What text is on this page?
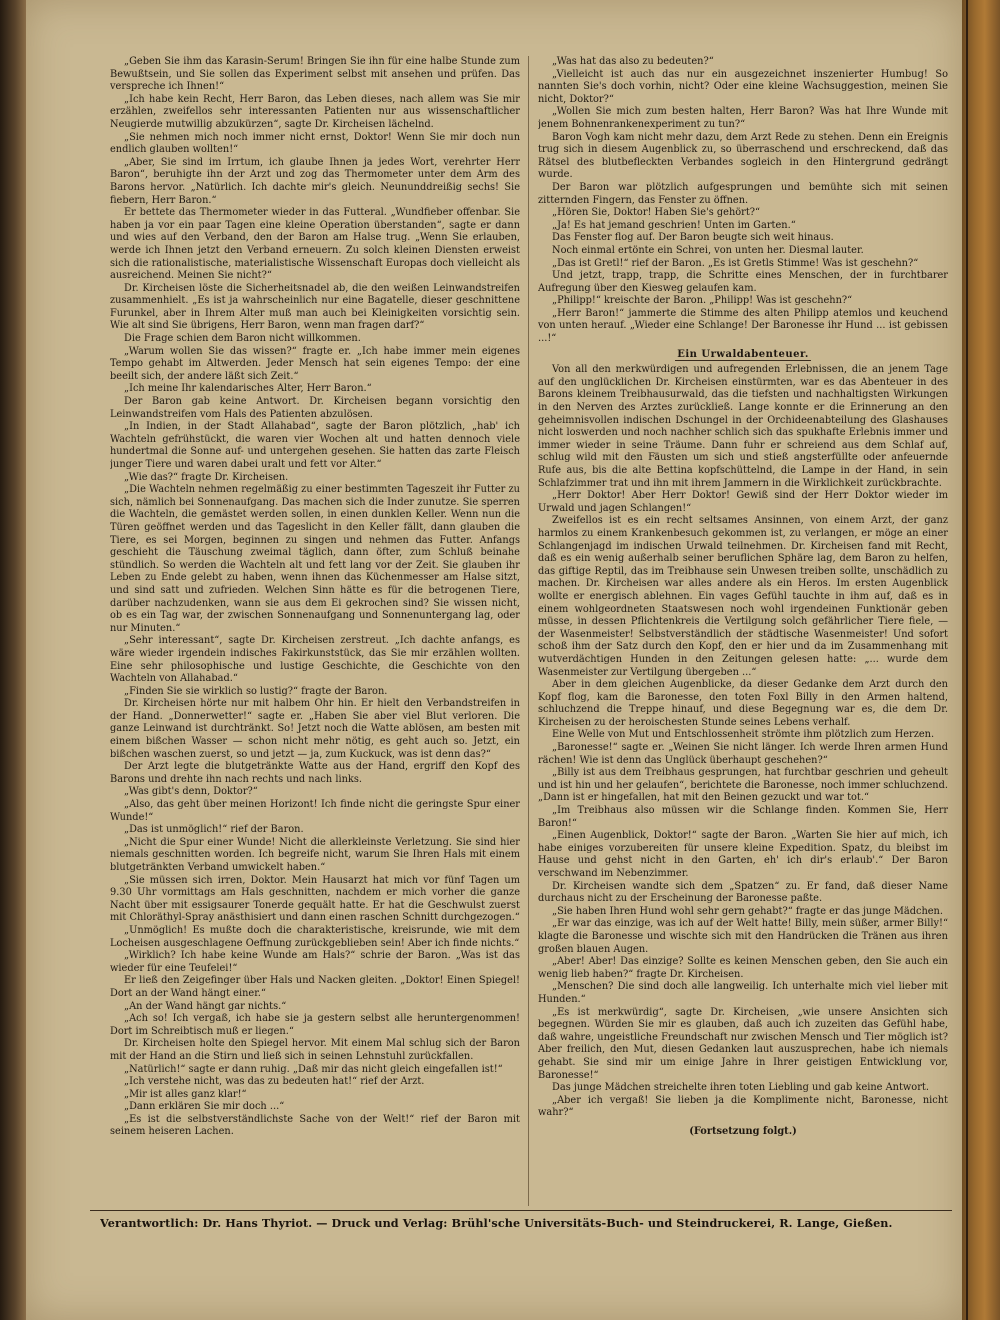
„Geben Sie ihm das Karasin-Serum! Bringen Sie ihn für eine halbe Stunde zum Bewußtsein, und Sie sollen das Experiment selbst mit ansehen und prüfen. Das verspreche ich Ihnen!“

„Ich habe kein Recht, Herr Baron, das Leben dieses, nach allem was Sie mir erzählen, zweifellos sehr interessanten Patienten nur aus wissenschaftlicher Neugierde mutwillig abzukürzen“, sagte Dr. Kircheisen lächelnd.

„Sie nehmen mich noch immer nicht ernst, Doktor! Wenn Sie mir doch nun endlich glauben wollten!“

„Aber, Sie sind im Irrtum, ich glaube Ihnen ja jedes Wort, verehrter Herr Baron“, beruhigte ihn der Arzt und zog das Thermometer unter dem Arm des Barons hervor. „Natürlich. Ich dachte mir's gleich. Neununddreißig sechs! Sie fiebern, Herr Baron.“

Er bettete das Thermometer wieder in das Futteral. „Wundfieber offenbar. Sie haben ja vor ein paar Tagen eine kleine Operation überstanden“, sagte er dann und wies auf den Verband, den der Baron am Halse trug. „Wenn Sie erlauben, werde ich Ihnen jetzt den Verband erneuern. Zu solch kleinen Diensten erweist sich die rationalistische, materialistische Wissenschaft Europas doch vielleicht als ausreichend. Meinen Sie nicht?“

Dr. Kircheisen löste die Sicherheitsnadel ab, die den weißen Leinwandstreifen zusammenhielt. „Es ist ja wahrscheinlich nur eine Bagatelle, dieser geschnittene Furunkel, aber in Ihrem Alter muß man auch bei Kleinigkeiten vorsichtig sein. Wie alt sind Sie übrigens, Herr Baron, wenn man fragen darf?“

Die Frage schien dem Baron nicht willkommen.

„Warum wollen Sie das wissen?“ fragte er. „Ich habe immer mein eigenes Tempo gehabt im Altwerden. Jeder Mensch hat sein eigenes Tempo: der eine beeilt sich, der andere läßt sich Zeit.“

„Ich meine Ihr kalendarisches Alter, Herr Baron.“

Der Baron gab keine Antwort. Dr. Kircheisen begann vorsichtig den Leinwandstreifen vom Hals des Patienten abzulösen.

„In Indien, in der Stadt Allahabad“, sagte der Baron plötzlich, „hab' ich Wachteln gefrühstückt, die waren vier Wochen alt und hatten dennoch viele hundertmal die Sonne auf- und untergehen gesehen. Sie hatten das zarte Fleisch junger Tiere und waren dabei uralt und fett vor Alter.“

„Wie das?“ fragte Dr. Kircheisen.

„Die Wachteln nehmen regelmäßig zu einer bestimmten Tageszeit ihr Futter zu sich, nämlich bei Sonnenaufgang. Das machen sich die Inder zunutze. Sie sperren die Wachteln, die gemästet werden sollen, in einen dunklen Keller. Wenn nun die Türen geöffnet werden und das Tageslicht in den Keller fällt, dann glauben die Tiere, es sei Morgen, beginnen zu singen und nehmen das Futter. Anfangs geschieht die Täuschung zweimal täglich, dann öfter, zum Schluß beinahe stündlich. So werden die Wachteln alt und fett lang vor der Zeit. Sie glauben ihr Leben zu Ende gelebt zu haben, wenn ihnen das Küchenmesser am Halse sitzt, und sind satt und zufrieden. Welchen Sinn hätte es für die betrogenen Tiere, darüber nachzudenken, wann sie aus dem Ei gekrochen sind? Sie wissen nicht, ob es ein Tag war, der zwischen Sonnenaufgang und Sonnenuntergang lag, oder nur Minuten.“

„Sehr interessant“, sagte Dr. Kircheisen zerstreut. „Ich dachte anfangs, es wäre wieder irgendein indisches Fakirkunststück, das Sie mir erzählen wollten. Eine sehr philosophische und lustige Geschichte, die Geschichte von den Wachteln von Allahabad.“

„Finden Sie sie wirklich so lustig?“ fragte der Baron.

Dr. Kircheisen hörte nur mit halbem Ohr hin. Er hielt den Verbandstreifen in der Hand. „Donnerwetter!“ sagte er. „Haben Sie aber viel Blut verloren. Die ganze Leinwand ist durchtränkt. So! Jetzt noch die Watte ablösen, am besten mit einem bißchen Wasser — schon nicht mehr nötig, es geht auch so. Jetzt, ein bißchen waschen zuerst, so und jetzt — ja, zum Kuckuck, was ist denn das?“

Der Arzt legte die blutgetränkte Watte aus der Hand, ergriff den Kopf des Barons und drehte ihn nach rechts und nach links.

„Was gibt's denn, Doktor?“

„Also, das geht über meinen Horizont! Ich finde nicht die geringste Spur einer Wunde!“

„Das ist unmöglich!“ rief der Baron.

„Nicht die Spur einer Wunde! Nicht die allerkleinste Verletzung. Sie sind hier niemals geschnitten worden. Ich begreife nicht, warum Sie Ihren Hals mit einem blutgetränkten Verband umwickelt haben.“

„Sie müssen sich irren, Doktor. Mein Hausarzt hat mich vor fünf Tagen um 9.30 Uhr vormittags am Hals geschnitten, nachdem er mich vorher die ganze Nacht über mit essigsaurer Tonerde gequält hatte. Er hat die Geschwulst zuerst mit Chloräthyl-Spray anästhisiert und dann einen raschen Schnitt durchgezogen.“

„Unmöglich! Es mußte doch die charakteristische, kreisrunde, wie mit dem Locheisen ausgeschlagene Oeffnung zurückgeblieben sein! Aber ich finde nichts.“

„Wirklich? Ich habe keine Wunde am Hals?“ schrie der Baron. „Was ist das wieder für eine Teufelei!“

Er ließ den Zeigefinger über Hals und Nacken gleiten. „Doktor! Einen Spiegel! Dort an der Wand hängt einer.“

„An der Wand hängt gar nichts.“

„Ach so! Ich vergaß, ich habe sie ja gestern selbst alle heruntergenommen! Dort im Schreibtisch muß er liegen.“

Dr. Kircheisen holte den Spiegel hervor. Mit einem Mal schlug sich der Baron mit der Hand an die Stirn und ließ sich in seinen Lehnstuhl zurückfallen.

„Natürlich!“ sagte er dann ruhig. „Daß mir das nicht gleich eingefallen ist!“

„Ich verstehe nicht, was das zu bedeuten hat!“ rief der Arzt.

„Mir ist alles ganz klar!“

„Dann erklären Sie mir doch ...“

„Es ist die selbstverständlichste Sache von der Welt!“ rief der Baron mit seinem heiseren Lachen.

„Was hat das also zu bedeuten?“

„Vielleicht ist auch das nur ein ausgezeichnet inszenierter Humbug! So nannten Sie's doch vorhin, nicht? Oder eine kleine Wachsuggestion, meinen Sie nicht, Doktor?“

„Wollen Sie mich zum besten halten, Herr Baron? Was hat Ihre Wunde mit jenem Bohnenrankenexperiment zu tun?“

Baron Vogh kam nicht mehr dazu, dem Arzt Rede zu stehen. Denn ein Ereignis trug sich in diesem Augenblick zu, so überraschend und erschreckend, daß das Rätsel des blutbefleckten Verbandes sogleich in den Hintergrund gedrängt wurde.

Der Baron war plötzlich aufgesprungen und bemühte sich mit seinen zitternden Fingern, das Fenster zu öffnen.

„Hören Sie, Doktor! Haben Sie's gehört?“

„Ja! Es hat jemand geschrien! Unten im Garten.“

Das Fenster flog auf. Der Baron beugte sich weit hinaus.

Noch einmal ertönte ein Schrei, von unten her. Diesmal lauter.

„Das ist Gretl!“ rief der Baron. „Es ist Gretls Stimme! Was ist geschehn?“

Und jetzt, trapp, trapp, die Schritte eines Menschen, der in furchtbarer Aufregung über den Kiesweg gelaufen kam.

„Philipp!“ kreischte der Baron. „Philipp! Was ist geschehn?“

„Herr Baron!“ jammerte die Stimme des alten Philipp atemlos und keuchend von unten herauf. „Wieder eine Schlange! Der Baronesse ihr Hund ... ist gebissen ...!“

Ein Urwaldabenteuer.

Von all den merkwürdigen und aufregenden Erlebnissen, die an jenem Tage auf den unglücklichen Dr. Kircheisen einstürmten, war es das Abenteuer in des Barons kleinem Treibhausurwald, das die tiefsten und nachhaltigsten Wirkungen in den Nerven des Arztes zurückließ. Lange konnte er die Erinnerung an den geheimnisvollen indischen Dschungel in der Orchideenabteilung des Glashauses nicht loswerden und noch nachher schlich sich das spukhafte Erlebnis immer und immer wieder in seine Träume. Dann fuhr er schreiend aus dem Schlaf auf, schlug wild mit den Fäusten um sich und stieß angsterfüllte oder anfeuernde Rufe aus, bis die alte Bettina kopfschüttelnd, die Lampe in der Hand, in sein Schlafzimmer trat und ihn mit ihrem Jammern in die Wirklichkeit zurückbrachte.

„Herr Doktor! Aber Herr Doktor! Gewiß sind der Herr Doktor wieder im Urwald und jagen Schlangen!“

Zweifellos ist es ein recht seltsames Ansinnen, von einem Arzt, der ganz harmlos zu einem Krankenbesuch gekommen ist, zu verlangen, er möge an einer Schlangenjagd im indischen Urwald teilnehmen. Dr. Kircheisen fand mit Recht, daß es ein wenig außerhalb seiner beruflichen Sphäre lag, dem Baron zu helfen, das giftige Reptil, das im Treibhause sein Unwesen treiben sollte, unschädlich zu machen. Dr. Kircheisen war alles andere als ein Heros. Im ersten Augenblick wollte er energisch ablehnen. Ein vages Gefühl tauchte in ihm auf, daß es in einem wohlgeordneten Staatswesen noch wohl irgendeinen Funktionär geben müsse, in dessen Pflichtenkreis die Vertilgung solch gefährlicher Tiere fiele, — der Wasenmeister! Selbstverständlich der städtische Wasenmeister! Und sofort schoß ihm der Satz durch den Kopf, den er hier und da im Zusammenhang mit wutverdächtigen Hunden in den Zeitungen gelesen hatte: „... wurde dem Wasenmeister zur Vertilgung übergeben ...“

Aber in dem gleichen Augenblicke, da dieser Gedanke dem Arzt durch den Kopf flog, kam die Baronesse, den toten Foxl Billy in den Armen haltend, schluchzend die Treppe hinauf, und diese Begegnung war es, die dem Dr. Kircheisen zu der heroischesten Stunde seines Lebens verhalf.

Eine Welle von Mut und Entschlossenheit strömte ihm plötzlich zum Herzen.

„Baronesse!“ sagte er. „Weinen Sie nicht länger. Ich werde Ihren armen Hund rächen! Wie ist denn das Unglück überhaupt geschehen?“

„Billy ist aus dem Treibhaus gesprungen, hat furchtbar geschrien und geheult und ist hin und her gelaufen“, berichtete die Baronesse, noch immer schluchzend. „Dann ist er hingefallen, hat mit den Beinen gezuckt und war tot.“

„Im Treibhaus also müssen wir die Schlange finden. Kommen Sie, Herr Baron!“

„Einen Augenblick, Doktor!“ sagte der Baron. „Warten Sie hier auf mich, ich habe einiges vorzubereiten für unsere kleine Expedition. Spatz, du bleibst im Hause und gehst nicht in den Garten, eh' ich dir's erlaub'.“ Der Baron verschwand im Nebenzimmer.

Dr. Kircheisen wandte sich dem „Spatzen“ zu. Er fand, daß dieser Name durchaus nicht zu der Erscheinung der Baronesse paßte.

„Sie haben Ihren Hund wohl sehr gern gehabt?“ fragte er das junge Mädchen.

„Er war das einzige, was ich auf der Welt hatte! Billy, mein süßer, armer Billy!“ klagte die Baronesse und wischte sich mit den Handrücken die Tränen aus ihren großen blauen Augen.

„Aber! Aber! Das einzige? Sollte es keinen Menschen geben, den Sie auch ein wenig lieb haben?“ fragte Dr. Kircheisen.

„Menschen? Die sind doch alle langweilig. Ich unterhalte mich viel lieber mit Hunden.“

„Es ist merkwürdig“, sagte Dr. Kircheisen, „wie unsere Ansichten sich begegnen. Würden Sie mir es glauben, daß auch ich zuzeiten das Gefühl habe, daß wahre, ungeistliche Freundschaft nur zwischen Mensch und Tier möglich ist? Aber freilich, den Mut, diesen Gedanken laut auszusprechen, habe ich niemals gehabt. Sie sind mir um einige Jahre in Ihrer geistigen Entwicklung vor, Baronesse!“

Das junge Mädchen streichelte ihren toten Liebling und gab keine Antwort.

„Aber ich vergaß! Sie lieben ja die Komplimente nicht, Baronesse, nicht wahr?“

(Fortsetzung folgt.)
Verantwortlich: Dr. Hans Thyriot. — Druck und Verlag: Brühl'sche Universitäts-Buch- und Steindruckerei, R. Lange, Gießen.
